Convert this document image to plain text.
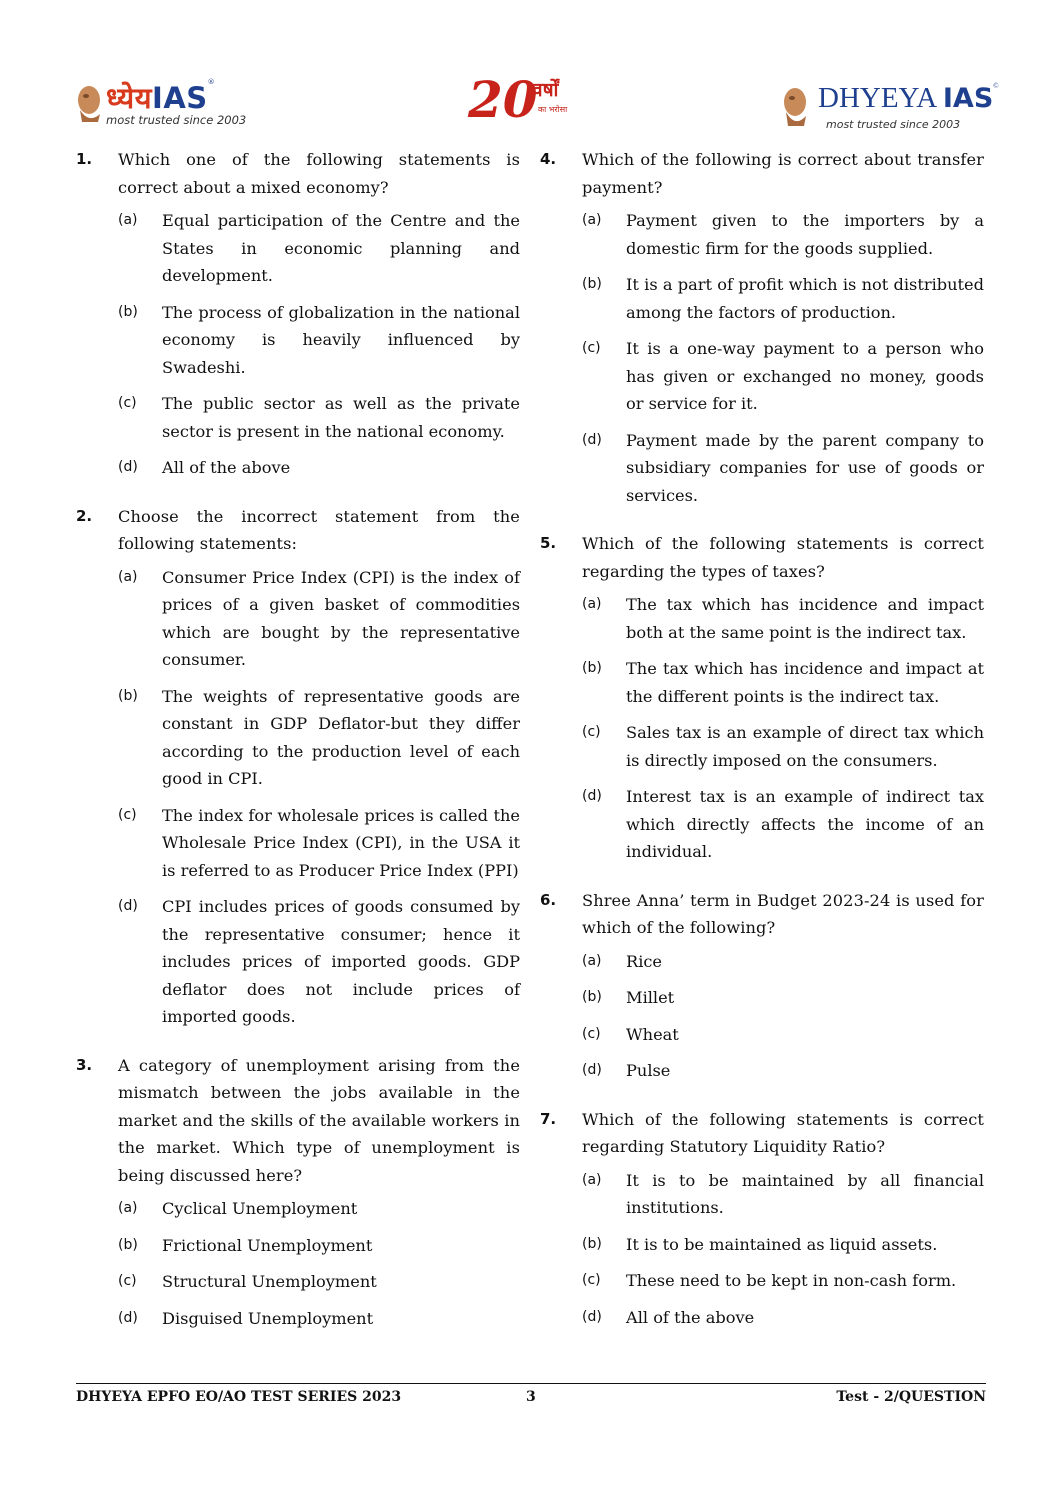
ध्येयIAS®
most trusted since 2003	20
वर्षों
का भरोसा	DHYEYA IAS©
most trusted since 2003
1.	Which one of the following statements is correct about a mixed economy?
(a)	Equal participation of the Centre and the States in economic planning and development.
(b)	The process of globalization in the national economy is heavily influenced by Swadeshi.
(c)	The public sector as well as the private sector is present in the national economy.
(d)	All of the above
2.	Choose the incorrect statement from the following statements:
(a)	Consumer Price Index (CPI) is the index of prices of a given basket of commodities which are bought by the representative consumer.
(b)	The weights of representative goods are constant in GDP Deflator-but they differ according to the production level of each good in CPI.
(c)	The index for wholesale prices is called the Wholesale Price Index (CPI), in the USA it is referred to as Producer Price Index (PPI)
(d)	CPI includes prices of goods consumed by the representative consumer; hence it includes prices of imported goods. GDP deflator does not include prices of imported goods.
3.	A category of unemployment arising from the mismatch between the jobs available in the market and the skills of the available workers in the market. Which type of unemployment is being discussed here?
(a)	Cyclical Unemployment
(b)	Frictional Unemployment
(c)	Structural Unemployment
(d)	Disguised Unemployment
4.	Which of the following is correct about transfer payment?
(a)	Payment given to the importers by a domestic firm for the goods supplied.
(b)	It is a part of profit which is not distributed among the factors of production.
(c)	It is a one-way payment to a person who has given or exchanged no money, goods or service for it.
(d)	Payment made by the parent company to subsidiary companies for use of goods or services.
5.	Which of the following statements is correct regarding the types of taxes?
(a)	The tax which has incidence and impact both at the same point is the indirect tax.
(b)	The tax which has incidence and impact at the different points is the indirect tax.
(c)	Sales tax is an example of direct tax which is directly imposed on the consumers.
(d)	Interest tax is an example of indirect tax which directly affects the income of an individual.
6.	Shree Anna’ term in Budget 2023-24 is used for which of the following?
(a)	Rice
(b)	Millet
(c)	Wheat
(d)	Pulse
7.	Which of the following statements is correct regarding Statutory Liquidity Ratio?
(a)	It is to be maintained by all financial institutions.
(b)	It is to be maintained as liquid assets.
(c)	These need to be kept in non-cash form.
(d)	All of the above
DHYEYA EPFO EO/AO TEST SERIES 2023	3	Test - 2/QUESTION
